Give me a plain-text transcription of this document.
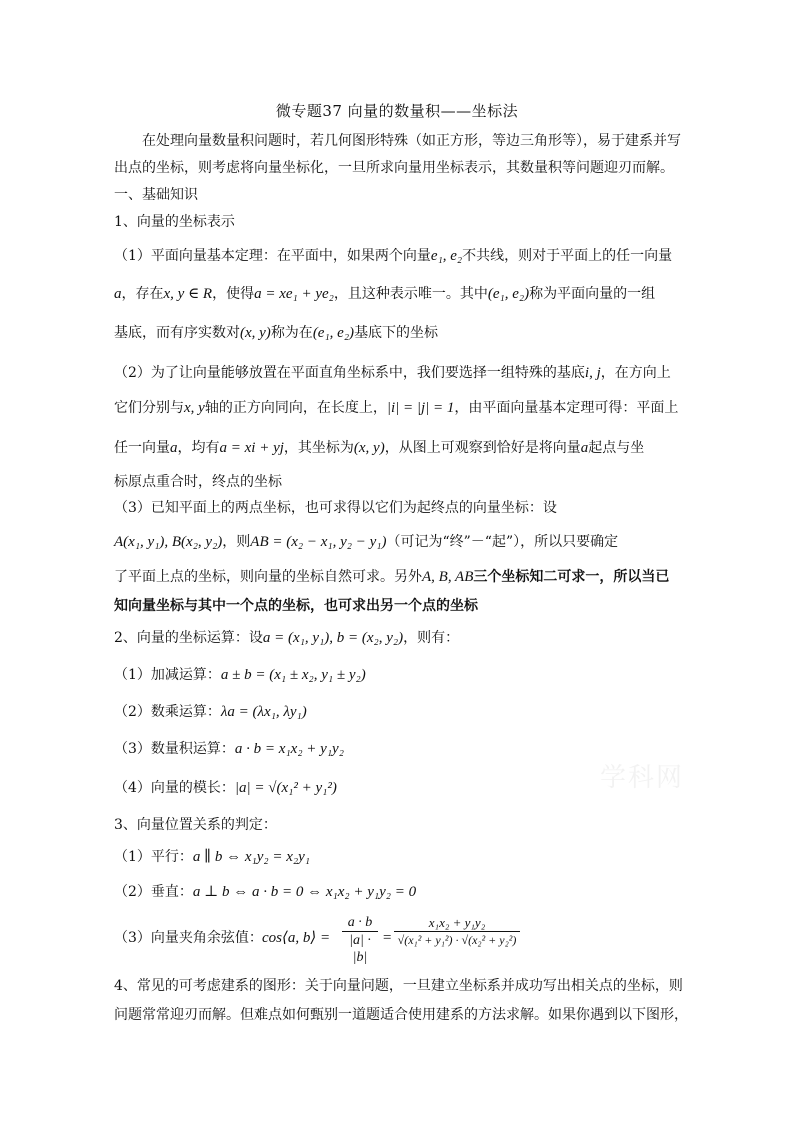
微专题37 向量的数量积——坐标法
在处理向量数量积问题时，若几何图形特殊（如正方形，等边三角形等），易于建系并写
出点的坐标，则考虑将向量坐标化，一旦所求向量用坐标表示，其数量积等问题迎刃而解。
一、基础知识
1、向量的坐标表示
（1）平面向量基本定理：在平面中，如果两个向量e₁, e₂不共线，则对于平面上的任一向量
a，存在x, y ∈ R，使得a = xe₁ + ye₂，且这种表示唯一。其中(e₁, e₂)称为平面向量的一组
基底，而有序实数对(x, y)称为在(e₁, e₂)基底下的坐标
（2）为了让向量能够放置在平面直角坐标系中，我们要选择一组特殊的基底i, j，在方向上
它们分别与x, y轴的正方向同向，在长度上，|i| = |j| = 1，由平面向量基本定理可得：平面上
任一向量a，均有a = xi + yj，其坐标为(x, y)，从图上可观察到恰好是将向量a起点与坐
标原点重合时，终点的坐标
（3）已知平面上的两点坐标，也可求得以它们为起终点的向量坐标：设
A(x₁, y₁), B(x₂, y₂)，则AB = (x₂ − x₁, y₂ − y₁)（可记为“终”－“起”），所以只要确定
了平面上点的坐标，则向量的坐标自然可求。另外A, B, AB三个坐标知二可求一，所以当已
知向量坐标与其中一个点的坐标，也可求出另一个点的坐标
2、向量的坐标运算：设a = (x₁, y₁), b = (x₂, y₂)，则有：
（1）加减运算：a ± b = (x₁ ± x₂, y₁ ± y₂)
（2）数乘运算：λa = (λx₁, λy₁)
（3）数量积运算：a · b = x₁x₂ + y₁y₂
（4）向量的模长：|a| = √(x₁² + y₁²)
3、向量位置关系的判定：
（1）平行：a ∥ b ⇔ x₁y₂ = x₂y₁
（2）垂直：a ⊥ b ⇔ a · b = 0 ⇔ x₁x₂ + y₁y₂ = 0
（3）向量夹角余弦值： cos⟨a, b⟩ =
a · b
|a| · |b|
=
x₁x₂ + y₁y₂
√(x₁² + y₁²) · √(x₂² + y₂²)
4、常见的可考虑建系的图形：关于向量问题，一旦建立坐标系并成功写出相关点的坐标，则
问题常常迎刃而解。但难点如何甄别一道题适合使用建系的方法求解。如果你遇到以下图形，
学科网
